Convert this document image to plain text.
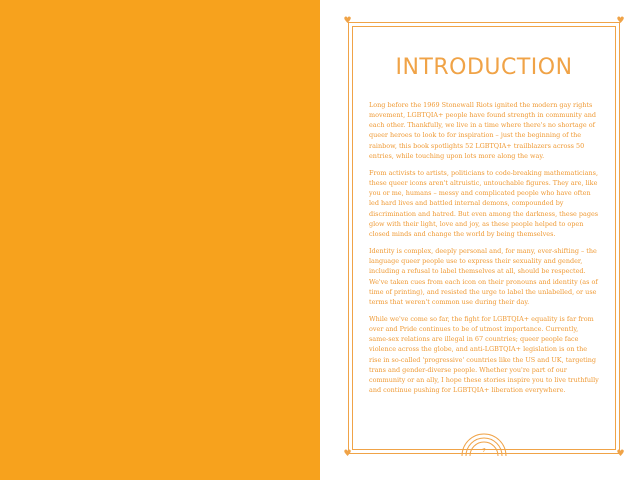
♥	♥
♥	♥
INTRODUCTION

Long before the 1969 Stonewall Riots ignited the modern gay rights movement, LGBTQIA+ people have found strength in community and each other. Thankfully, we live in a time where there's no shortage of queer heroes to look to for inspiration – just the beginning of the rainbow, this book spotlights 52 LGBTQIA+ trailblazers across 50 entries, while touching upon lots more along the way.

From activists to artists, politicians to code-breaking mathematicians, these queer icons aren't altruistic, untouchable figures. They are, like you or me, humans – messy and complicated people who have often led hard lives and battled internal demons, compounded by discrimination and hatred. But even among the darkness, these pages glow with their light, love and joy, as these people helped to open closed minds and change the world by being themselves.

Identity is complex, deeply personal and, for many, ever-shifting – the language queer people use to express their sexuality and gender, including a refusal to label themselves at all, should be respected. We've taken cues from each icon on their pronouns and identity (as of time of printing), and resisted the urge to label the unlabelled, or use terms that weren't common use during their day.

While we've come so far, the fight for LGBTQIA+ equality is far from over and Pride continues to be of utmost importance. Currently, same-sex relations are illegal in 67 countries; queer people face violence across the globe, and anti-LGBTQIA+ legislation is on the rise in so-called 'progressive' countries like the US and UK, targeting trans and gender-diverse people. Whether you're part of our community or an ally, I hope these stories inspire you to live truthfully and continue pushing for LGBTQIA+ liberation everywhere.

7
